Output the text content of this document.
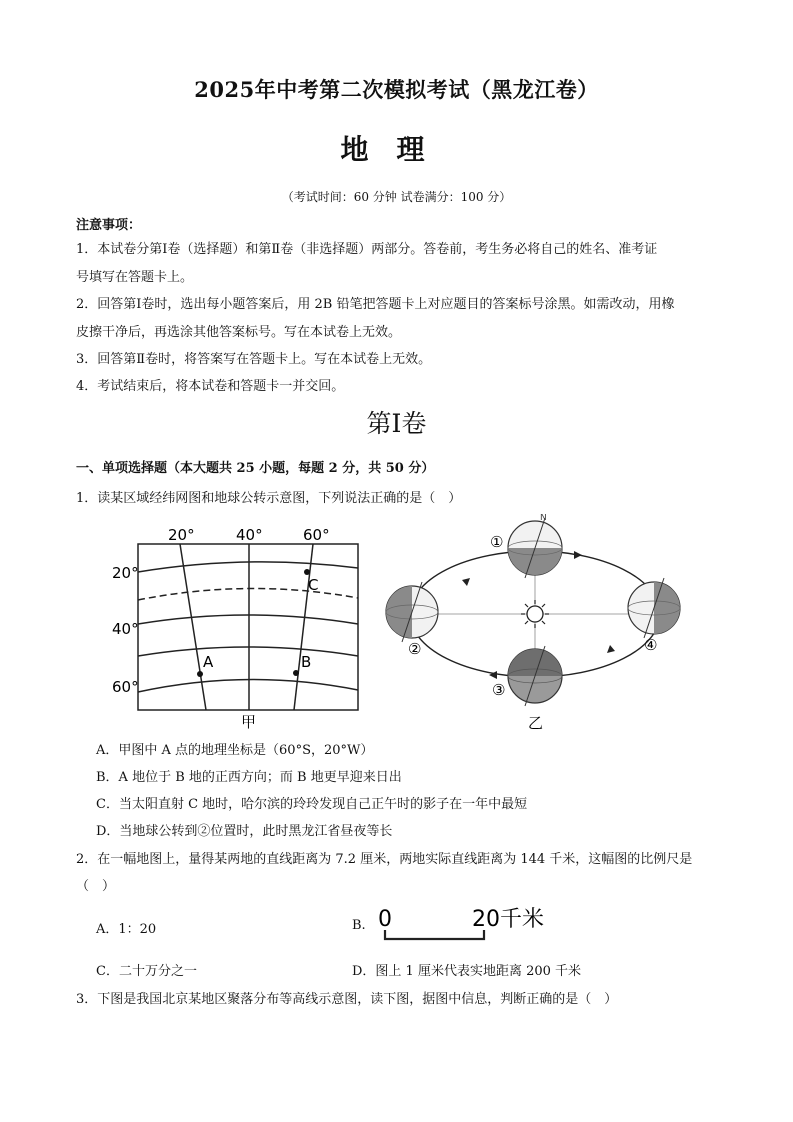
2025年中考第二次模拟考试（黑龙江卷）
地理
（考试时间：60 分钟 试卷满分：100 分）
注意事项：
1．本试卷分第Ⅰ卷（选择题）和第Ⅱ卷（非选择题）两部分。答卷前，考生务必将自己的姓名、准考证
号填写在答题卡上。
2．回答第Ⅰ卷时，选出每小题答案后，用 2B 铅笔把答题卡上对应题目的答案标号涂黑。如需改动，用橡
皮擦干净后，再选涂其他答案标号。写在本试卷上无效。
3．回答第Ⅱ卷时，将答案写在答题卡上。写在本试卷上无效。
4．考试结束后，将本试卷和答题卡一并交回。
第Ⅰ卷
一、单项选择题（本大题共 25 小题，每题 2 分，共 50 分）
1．读某区域经纬网图和地球公转示意图，下列说法正确的是（　）
20°	40°	60°
20°
40°
60°
A	B
C
甲
N
①
②
③
④
乙
A．甲图中 A 点的地理坐标是（60°S，20°W）
B．A 地位于 B 地的正西方向；而 B 地更早迎来日出
C．当太阳直射 C 地时，哈尔滨的玲玲发现自己正午时的影子在一年中最短
D．当地球公转到②位置时，此时黑龙江省昼夜等长
2．在一幅地图上，量得某两地的直线距离为 7.2 厘米，两地实际直线距离为 144 千米，这幅图的比例尺是
（　）
A．1：20	B. 0	20千米
C．二十万分之一	D．图上 1 厘米代表实地距离 200 千米
3．下图是我国北京某地区聚落分布等高线示意图，读下图，据图中信息，判断正确的是（　）
